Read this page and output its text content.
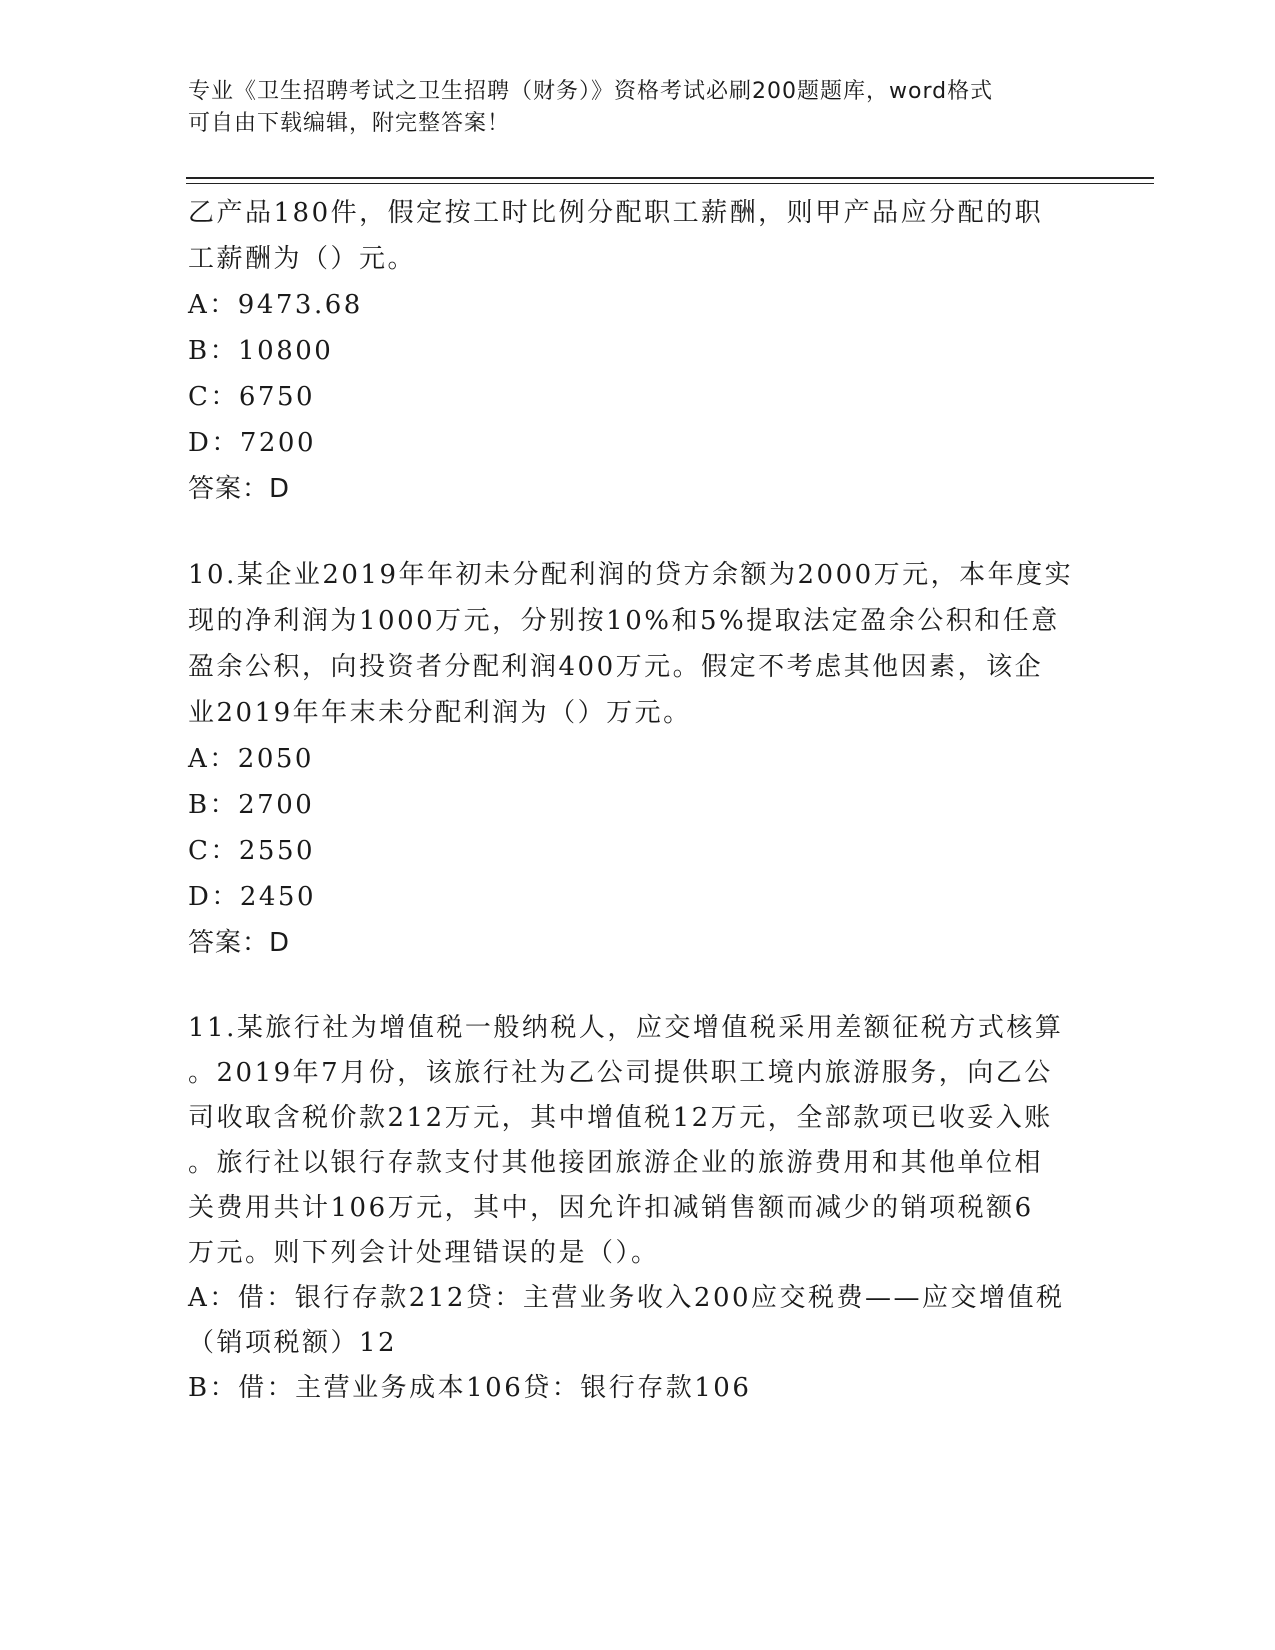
专业《卫生招聘考试之卫生招聘（财务）》资格考试必刷200题题库，word格式
可自由下载编辑，附完整答案！
乙产品180件，假定按工时比例分配职工薪酬，则甲产品应分配的职
工薪酬为（）元。
A：9473.68
B：10800
C：6750
D：7200
答案：D
10.某企业2019年年初未分配利润的贷方余额为2000万元，本年度实
现的净利润为1000万元，分别按10%和5%提取法定盈余公积和任意
盈余公积，向投资者分配利润400万元。假定不考虑其他因素，该企
业2019年年末未分配利润为（）万元。
A：2050
B：2700
C：2550
D：2450
答案：D
11.某旅行社为增值税一般纳税人，应交增值税采用差额征税方式核算
。2019年7月份，该旅行社为乙公司提供职工境内旅游服务，向乙公
司收取含税价款212万元，其中增值税12万元，全部款项已收妥入账
。旅行社以银行存款支付其他接团旅游企业的旅游费用和其他单位相
关费用共计106万元，其中，因允许扣减销售额而减少的销项税额6
万元。则下列会计处理错误的是（）。
A：借：银行存款212贷：主营业务收入200应交税费——应交增值税
（销项税额）12
B：借：主营业务成本106贷：银行存款106
